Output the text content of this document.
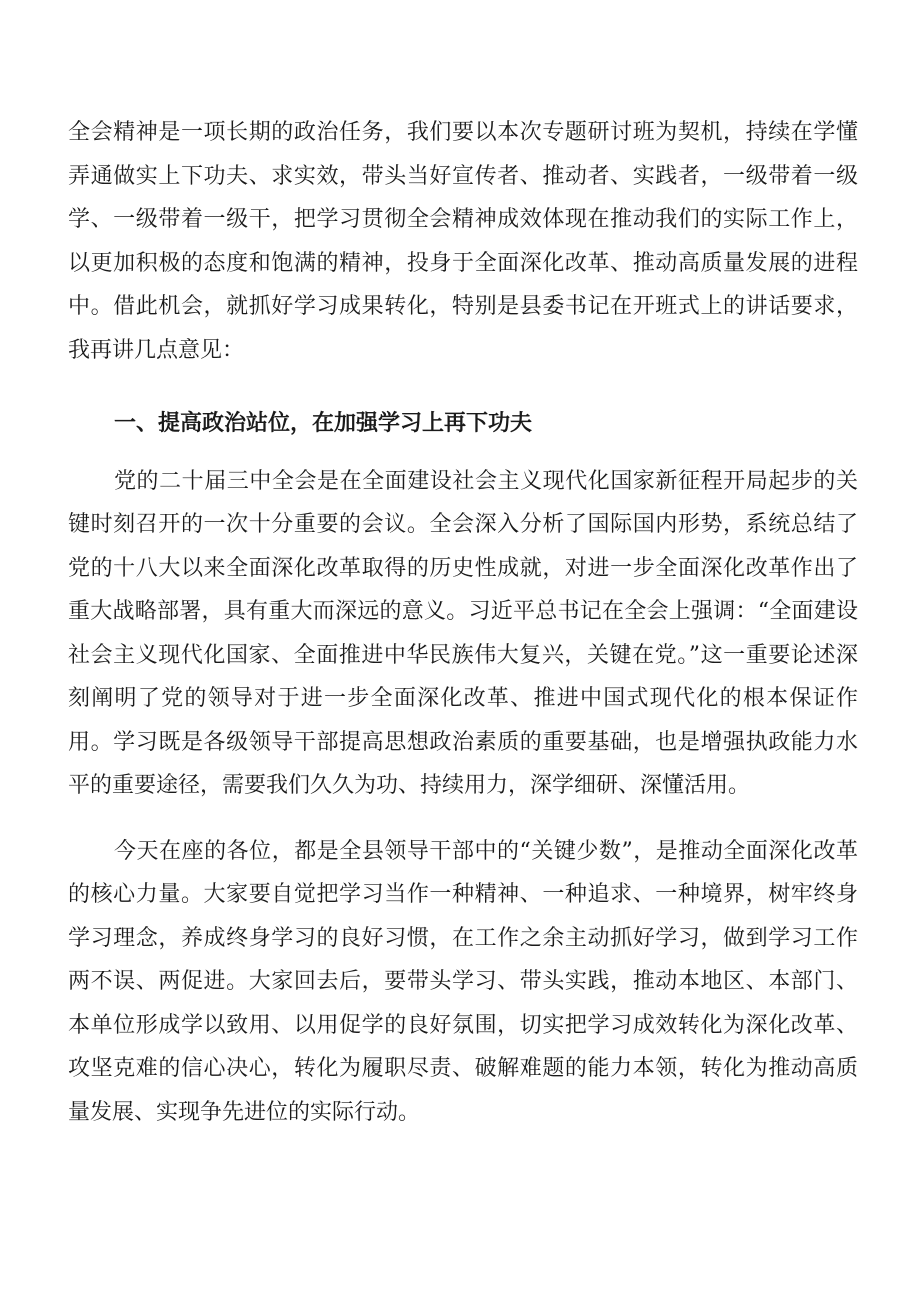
全会精神是一项长期的政治任务，我们要以本次专题研讨班为契机，持续在学懂弄通做实上下功夫、求实效，带头当好宣传者、推动者、实践者，一级带着一级学、一级带着一级干，把学习贯彻全会精神成效体现在推动我们的实际工作上，以更加积极的态度和饱满的精神，投身于全面深化改革、推动高质量发展的进程中。借此机会，就抓好学习成果转化，特别是县委书记在开班式上的讲话要求，我再讲几点意见：

一、提高政治站位，在加强学习上再下功夫

党的二十届三中全会是在全面建设社会主义现代化国家新征程开局起步的关键时刻召开的一次十分重要的会议。全会深入分析了国际国内形势，系统总结了党的十八大以来全面深化改革取得的历史性成就，对进一步全面深化改革作出了重大战略部署，具有重大而深远的意义。习近平总书记在全会上强调：“全面建设社会主义现代化国家、全面推进中华民族伟大复兴，关键在党。”这一重要论述深刻阐明了党的领导对于进一步全面深化改革、推进中国式现代化的根本保证作用。学习既是各级领导干部提高思想政治素质的重要基础，也是增强执政能力水平的重要途径，需要我们久久为功、持续用力，深学细研、深懂活用。

今天在座的各位，都是全县领导干部中的“关键少数”，是推动全面深化改革的核心力量。大家要自觉把学习当作一种精神、一种追求、一种境界，树牢终身学习理念，养成终身学习的良好习惯，在工作之余主动抓好学习，做到学习工作两不误、两促进。大家回去后，要带头学习、带头实践，推动本地区、本部门、本单位形成学以致用、以用促学的良好氛围，切实把学习成效转化为深化改革、攻坚克难的信心决心，转化为履职尽责、破解难题的能力本领，转化为推动高质量发展、实现争先进位的实际行动。
